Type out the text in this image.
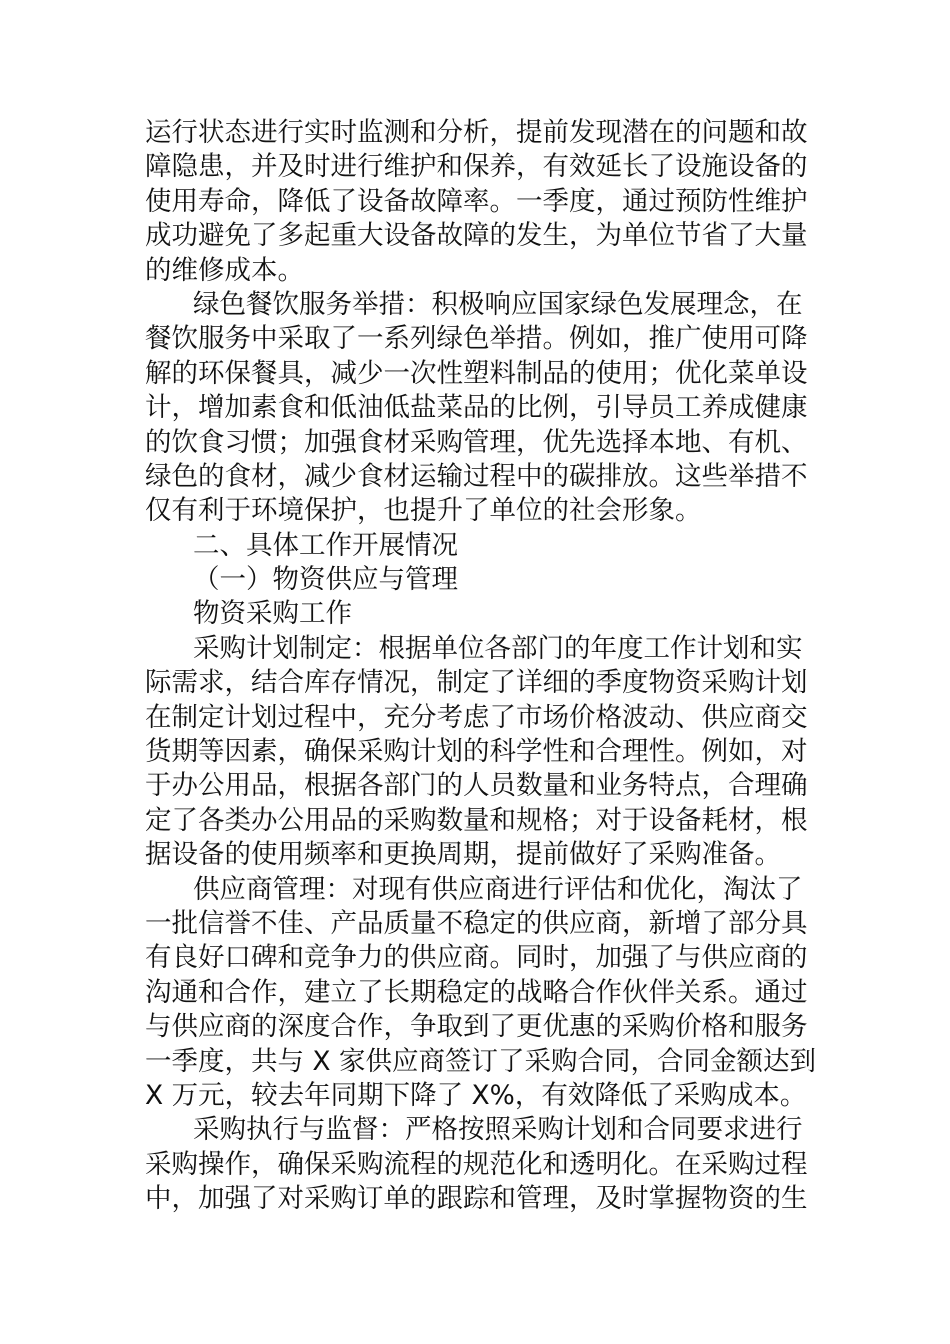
运行状态进行实时监测和分析，提前发现潜在的问题和故
障隐患，并及时进行维护和保养，有效延长了设施设备的
使用寿命，降低了设备故障率。一季度，通过预防性维护
成功避免了多起重大设备故障的发生，为单位节省了大量
的维修成本。
绿色餐饮服务举措：积极响应国家绿色发展理念，在
餐饮服务中采取了一系列绿色举措。例如，推广使用可降
解的环保餐具，减少一次性塑料制品的使用；优化菜单设
计，增加素食和低油低盐菜品的比例，引导员工养成健康
的饮食习惯；加强食材采购管理，优先选择本地、有机、
绿色的食材，减少食材运输过程中的碳排放。这些举措不
仅有利于环境保护，也提升了单位的社会形象。
二、具体工作开展情况
（一）物资供应与管理
物资采购工作
采购计划制定：根据单位各部门的年度工作计划和实
际需求，结合库存情况，制定了详细的季度物资采购计划
在制定计划过程中，充分考虑了市场价格波动、供应商交
货期等因素，确保采购计划的科学性和合理性。例如，对
于办公用品，根据各部门的人员数量和业务特点，合理确
定了各类办公用品的采购数量和规格；对于设备耗材，根
据设备的使用频率和更换周期，提前做好了采购准备。
供应商管理：对现有供应商进行评估和优化，淘汰了
一批信誉不佳、产品质量不稳定的供应商，新增了部分具
有良好口碑和竞争力的供应商。同时，加强了与供应商的
沟通和合作，建立了长期稳定的战略合作伙伴关系。通过
与供应商的深度合作，争取到了更优惠的采购价格和服务
一季度，共与 X 家供应商签订了采购合同，合同金额达到
X 万元，较去年同期下降了 X%，有效降低了采购成本。
采购执行与监督：严格按照采购计划和合同要求进行
采购操作，确保采购流程的规范化和透明化。在采购过程
中，加强了对采购订单的跟踪和管理，及时掌握物资的生
